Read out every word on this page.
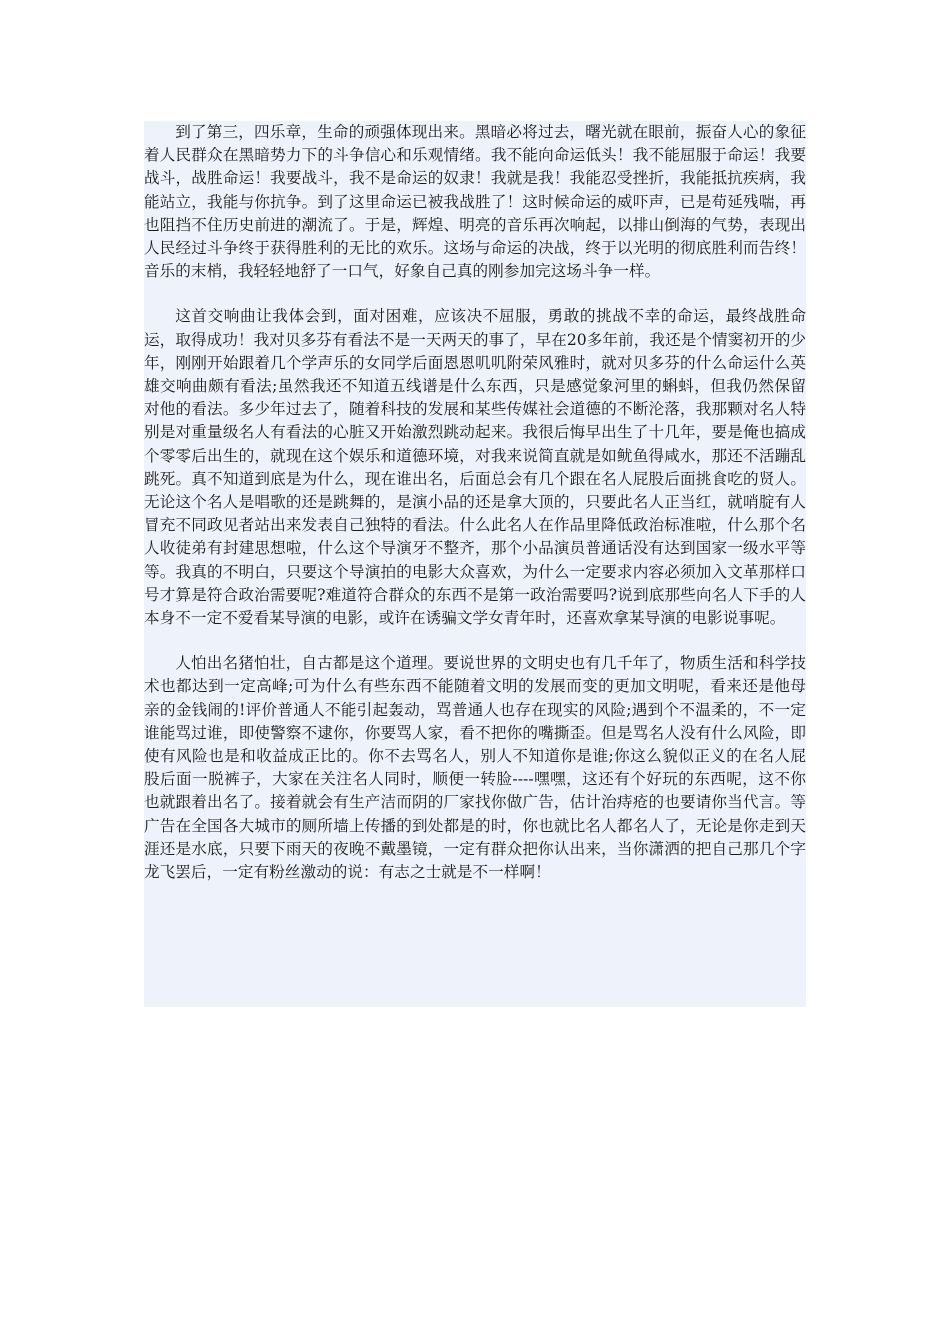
到了第三，四乐章，生命的顽强体现出来。黑暗必将过去，曙光就在眼前，振奋人心的象征着人民群众在黑暗势力下的斗争信心和乐观情绪。我不能向命运低头！我不能屈服于命运！我要战斗，战胜命运！我要战斗，我不是命运的奴隶！我就是我！我能忍受挫折，我能抵抗疾病，我能站立，我能与你抗争。到了这里命运已被我战胜了！这时候命运的威吓声，已是苟延残喘，再也阻挡不住历史前进的潮流了。于是，辉煌、明亮的音乐再次响起，以排山倒海的气势，表现出人民经过斗争终于获得胜利的无比的欢乐。这场与命运的决战，终于以光明的彻底胜利而告终！音乐的末梢，我轻轻地舒了一口气，好象自己真的刚参加完这场斗争一样。

这首交响曲让我体会到，面对困难，应该决不屈服，勇敢的挑战不幸的命运，最终战胜命运，取得成功！我对贝多芬有看法不是一天两天的事了，早在20多年前，我还是个情窦初开的少年，刚刚开始跟着几个学声乐的女同学后面恩恩叽叽附荣风雅时，就对贝多芬的什么命运什么英雄交响曲颇有看法;虽然我还不知道五线谱是什么东西，只是感觉象河里的蝌蚪，但我仍然保留对他的看法。多少年过去了，随着科技的发展和某些传媒社会道德的不断沦落，我那颗对名人特别是对重量级名人有看法的心脏又开始激烈跳动起来。我很后悔早出生了十几年，要是俺也搞成个零零后出生的，就现在这个娱乐和道德环境，对我来说简直就是如鱿鱼得咸水，那还不活蹦乱跳死。真不知道到底是为什么，现在谁出名，后面总会有几个跟在名人屁股后面挑食吃的贤人。无论这个名人是唱歌的还是跳舞的，是演小品的还是拿大顶的，只要此名人正当红，就哨腚有人冒充不同政见者站出来发表自己独特的看法。什么此名人在作品里降低政治标准啦，什么那个名人收徒弟有封建思想啦，什么这个导演牙不整齐，那个小品演员普通话没有达到国家一级水平等等。我真的不明白，只要这个导演拍的电影大众喜欢，为什么一定要求内容必须加入文革那样口号才算是符合政治需要呢?难道符合群众的东西不是第一政治需要吗?说到底那些向名人下手的人本身不一定不爱看某导演的电影，或许在诱骗文学女青年时，还喜欢拿某导演的电影说事呢。

人怕出名猪怕壮，自古都是这个道理。要说世界的文明史也有几千年了，物质生活和科学技术也都达到一定高峰;可为什么有些东西不能随着文明的发展而变的更加文明呢，看来还是他母亲的金钱闹的!评价普通人不能引起轰动，骂普通人也存在现实的风险;遇到个不温柔的，不一定谁能骂过谁，即使警察不逮你，你要骂人家，看不把你的嘴撕歪。但是骂名人没有什么风险，即使有风险也是和收益成正比的。你不去骂名人，别人不知道你是谁;你这么貌似正义的在名人屁股后面一脱裤子，大家在关注名人同时，顺便一转脸----嘿嘿，这还有个好玩的东西呢，这不你也就跟着出名了。接着就会有生产洁而阴的厂家找你做广告，估计治痔疮的也要请你当代言。等广告在全国各大城市的厕所墙上传播的到处都是的时，你也就比名人都名人了，无论是你走到天涯还是水底，只要下雨天的夜晚不戴墨镜，一定有群众把你认出来，当你潇洒的把自己那几个字龙飞罢后，一定有粉丝激动的说：有志之士就是不一样啊！
